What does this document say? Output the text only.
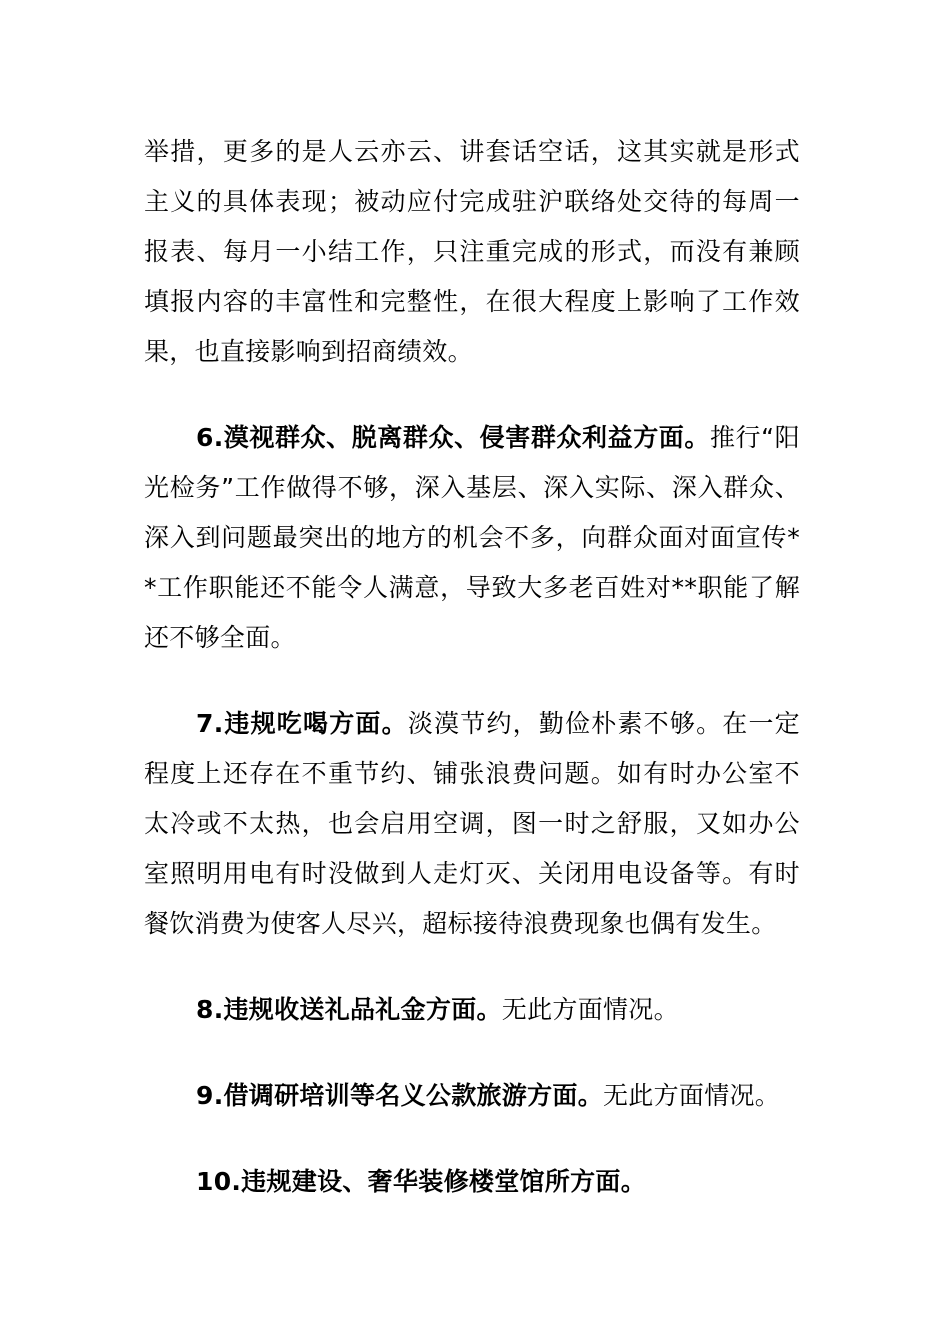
举措，更多的是人云亦云、讲套话空话，这其实就是形式主义的具体表现；被动应付完成驻沪联络处交待的每周一报表、每月一小结工作，只注重完成的形式，而没有兼顾填报内容的丰富性和完整性，在很大程度上影响了工作效果，也直接影响到招商绩效。

6.漠视群众、脱离群众、侵害群众利益方面。推行“阳光检务”工作做得不够，深入基层、深入实际、深入群众、深入到问题最突出的地方的机会不多，向群众面对面宣传**工作职能还不能令人满意，导致大多老百姓对**职能了解还不够全面。

7.违规吃喝方面。淡漠节约，勤俭朴素不够。在一定程度上还存在不重节约、铺张浪费问题。如有时办公室不太冷或不太热，也会启用空调，图一时之舒服，又如办公室照明用电有时没做到人走灯灭、关闭用电设备等。有时餐饮消费为使客人尽兴，超标接待浪费现象也偶有发生。

8.违规收送礼品礼金方面。无此方面情况。

9.借调研培训等名义公款旅游方面。无此方面情况。

10.违规建设、奢华装修楼堂馆所方面。
